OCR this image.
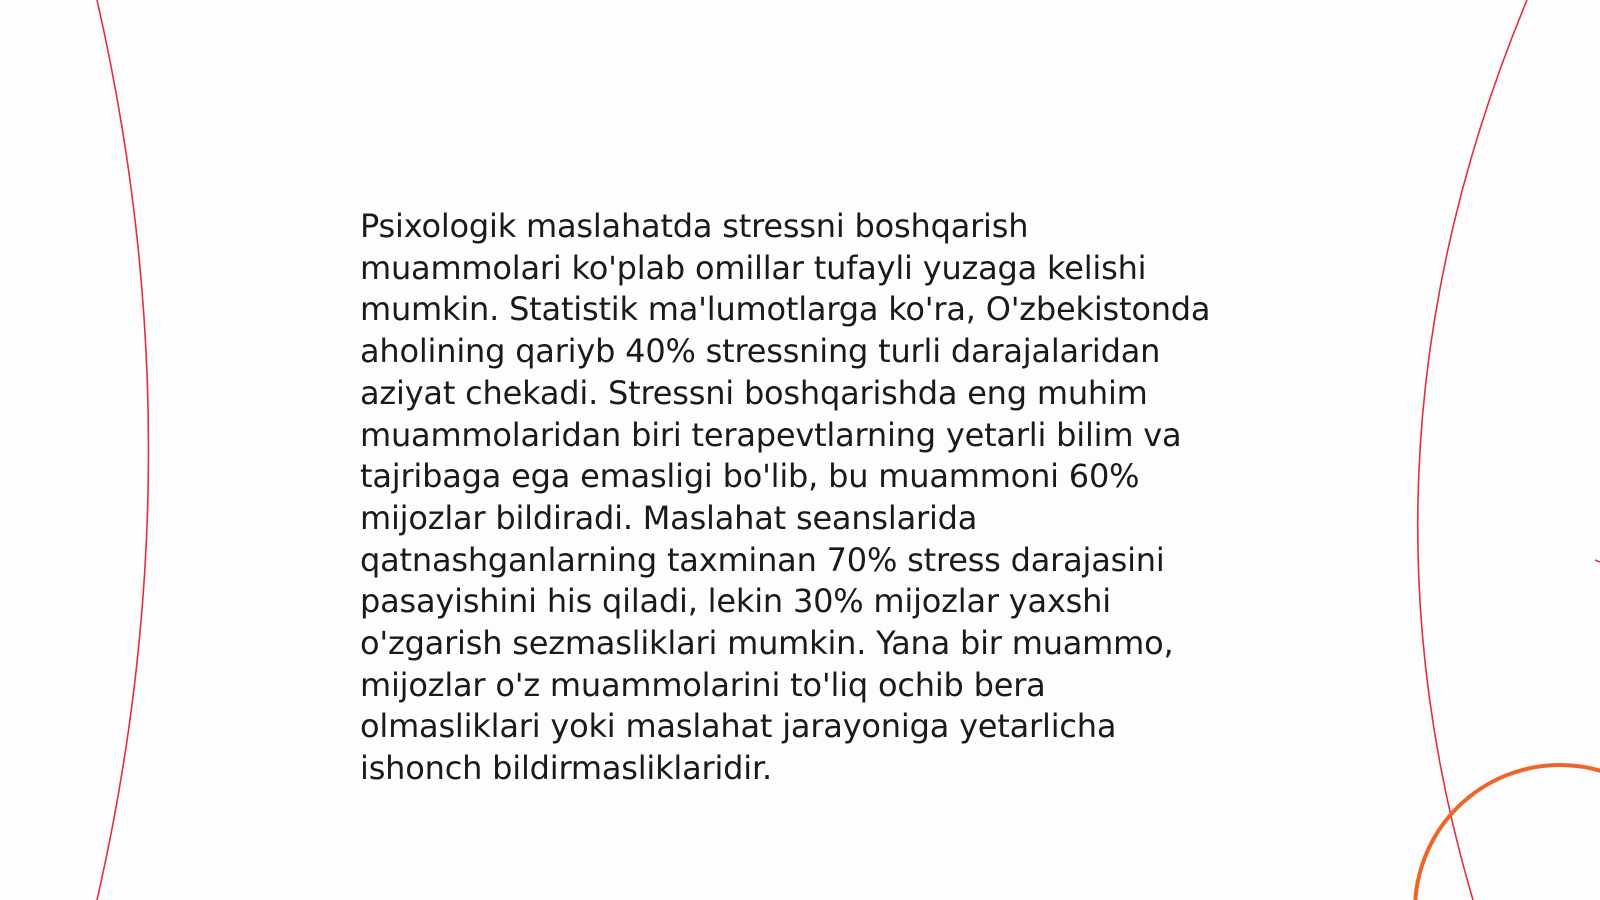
Psixologik maslahatda stressni boshqarish
muammolari ko'plab omillar tufayli yuzaga kelishi
mumkin. Statistik ma'lumotlarga ko'ra, O'zbekistonda
aholining qariyb 40% stressning turli darajalaridan
aziyat chekadi. Stressni boshqarishda eng muhim
muammolaridan biri terapevtlarning yetarli bilim va
tajribaga ega emasligi bo'lib, bu muammoni 60%
mijozlar bildiradi. Maslahat seanslarida
qatnashganlarning taxminan 70% stress darajasini
pasayishini his qiladi, lekin 30% mijozlar yaxshi
o'zgarish sezmasliklari mumkin. Yana bir muammo,
mijozlar o'z muammolarini to'liq ochib bera
olmasliklari yoki maslahat jarayoniga yetarlicha
ishonch bildirmasliklaridir.
